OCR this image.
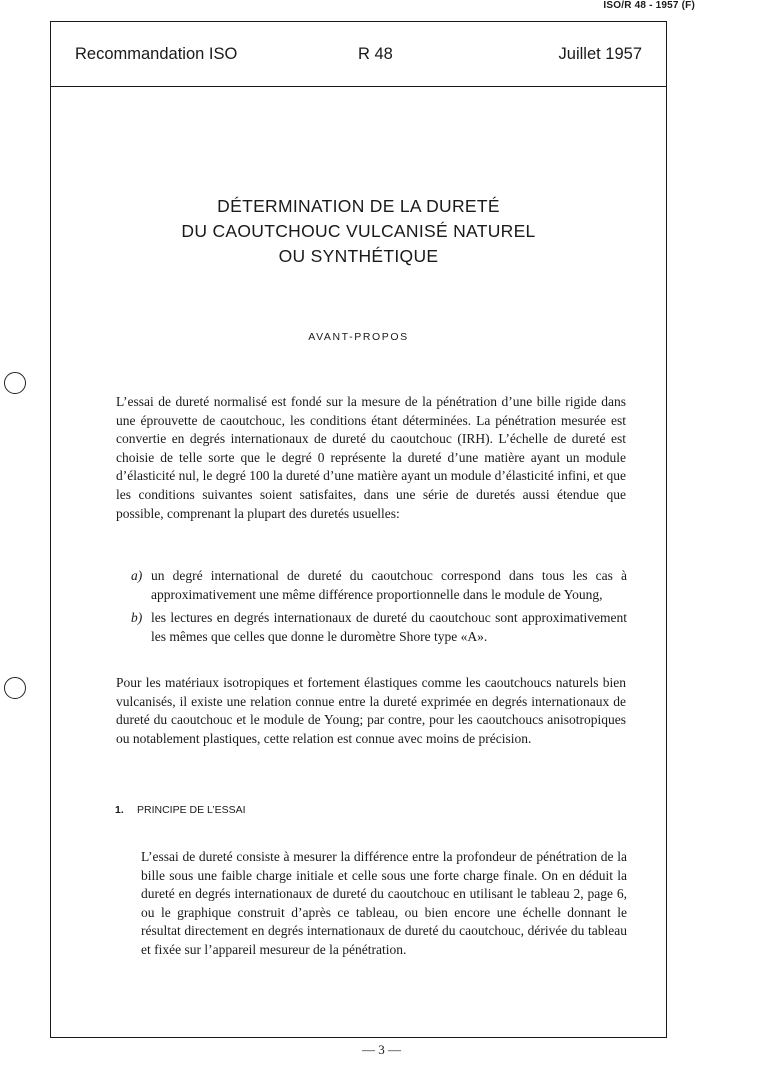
ISO/R 48 - 1957 (F)
Recommandation ISO	R 48	Juillet 1957
DÉTERMINATION DE LA DURETÉ
DU CAOUTCHOUC VULCANISÉ NATUREL
OU SYNTHÉTIQUE
AVANT-PROPOS

L’essai de dureté normalisé est fondé sur la mesure de la pénétration d’une bille rigide dans une éprouvette de caoutchouc, les conditions étant déterminées. La pénétration mesurée est convertie en degrés internationaux de dureté du caoutchouc (IRH). L’échelle de dureté est choisie de telle sorte que le degré 0 représente la dureté d’une matière ayant un module d’élasticité nul, le degré 100 la dureté d’une matière ayant un module d’élasticité infini, et que les conditions suivantes soient satisfaites, dans une série de duretés aussi étendue que possible, comprenant la plupart des duretés usuelles:

a) un degré international de dureté du caoutchouc correspond dans tous les cas à approximativement une même différence proportionnelle dans le module de Young,
b) les lectures en degrés internationaux de dureté du caoutchouc sont approximativement les mêmes que celles que donne le duromètre Shore type «A».

Pour les matériaux isotropiques et fortement élastiques comme les caoutchoucs naturels bien vulcanisés, il existe une relation connue entre la dureté exprimée en degrés internationaux de dureté du caoutchouc et le module de Young; par contre, pour les caoutchoucs anisotropiques ou notablement plastiques, cette relation est connue avec moins de précision.

1. PRINCIPE DE L’ESSAI

L’essai de dureté consiste à mesurer la différence entre la profondeur de pénétration de la bille sous une faible charge initiale et celle sous une forte charge finale. On en déduit la dureté en degrés internationaux de dureté du caoutchouc en utilisant le tableau 2, page 6, ou le graphique construit d’après ce tableau, ou bien encore une échelle donnant le résultat directement en degrés internationaux de dureté du caoutchouc, dérivée du tableau et fixée sur l’appareil mesureur de la pénétration.

— 3 —
